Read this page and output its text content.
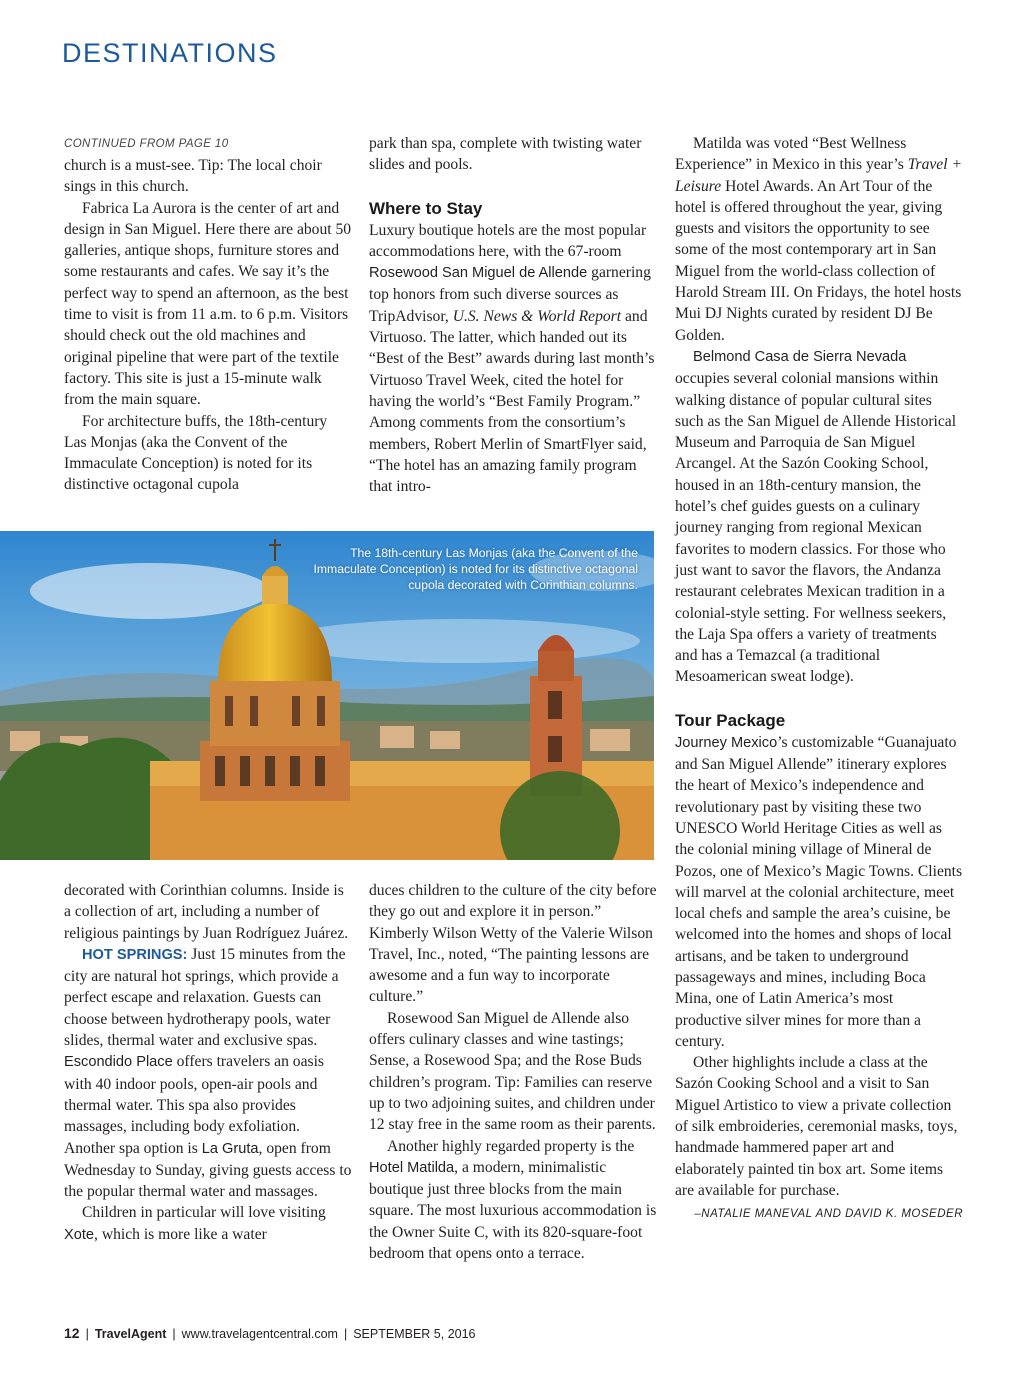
DESTINATIONS
CONTINUED FROM PAGE 10

church is a must-see. Tip: The local choir sings in this church.

Fabrica La Aurora is the center of art and design in San Miguel. Here there are about 50 galleries, antique shops, furniture stores and some restaurants and cafes. We say it’s the perfect way to spend an afternoon, as the best time to visit is from 11 a.m. to 6 p.m. Visitors should check out the old machines and original pipeline that were part of the textile factory. This site is just a 15-minute walk from the main square.

For architecture buffs, the 18th-century Las Monjas (aka the Convent of the Immaculate Conception) is noted for its distinctive octagonal cupola

park than spa, complete with twisting water slides and pools.

Where to Stay

Luxury boutique hotels are the most popular accommodations here, with the 67-room Rosewood San Miguel de Allende garnering top honors from such diverse sources as TripAdvisor, U.S. News & World Report and Virtuoso. The latter, which handed out its “Best of the Best” awards during last month’s Virtuoso Travel Week, cited the hotel for having the world’s “Best Family Program.” Among comments from the consortium’s members, Robert Merlin of SmartFlyer said, “The hotel has an amazing family program that intro-

Matilda was voted “Best Wellness Experience” in Mexico in this year’s Travel + Leisure Hotel Awards. An Art Tour of the hotel is offered throughout the year, giving guests and visitors the opportunity to see some of the most contemporary art in San Miguel from the world-class collection of Harold Stream III. On Fridays, the hotel hosts Mui DJ Nights curated by resident DJ Be Golden.

Belmond Casa de Sierra Nevada occupies several colonial mansions within walking distance of popular cultural sites such as the San Miguel de Allende Historical Museum and Parroquia de San Miguel Arcangel. At the Sazón Cooking School, housed in an 18th-century mansion, the hotel’s chef guides guests on a culinary journey ranging from regional Mexican favorites to modern classics. For those who just want to savor the flavors, the Andanza restaurant celebrates Mexican tradition in a colonial-style setting. For wellness seekers, the Laja Spa offers a variety of treatments and has a Temazcal (a traditional Mesoamerican sweat lodge).

Tour Package

Journey Mexico’s customizable “Guanajuato and San Miguel Allende” itinerary explores the heart of Mexico’s independence and revolutionary past by visiting these two UNESCO World Heritage Cities as well as the colonial mining village of Mineral de Pozos, one of Mexico’s Magic Towns. Clients will marvel at the colonial architecture, meet local chefs and sample the area’s cuisine, be welcomed into the homes and shops of local artisans, and be taken to underground passageways and mines, including Boca Mina, one of Latin America’s most productive silver mines for more than a century.

Other highlights include a class at the Sazón Cooking School and a visit to San Miguel Artistico to view a private collection of silk embroideries, ceremonial masks, toys, handmade hammered paper art and elaborately painted tin box art. Some items are available for purchase.

–NATALIE MANEVAL AND DAVID K. MOSEDER
The 18th-century Las Monjas (aka the Convent of the Immaculate Conception) is noted for its distinctive octagonal cupola decorated with Corinthian columns.

decorated with Corinthian columns. Inside is a collection of art, including a number of religious paintings by Juan Rodríguez Juárez.

HOT SPRINGS: Just 15 minutes from the city are natural hot springs, which provide a perfect escape and relaxation. Guests can choose between hydrotherapy pools, water slides, thermal water and exclusive spas. Escondido Place offers travelers an oasis with 40 indoor pools, open-air pools and thermal water. This spa also provides massages, including body exfoliation. Another spa option is La Gruta, open from Wednesday to Sunday, giving guests access to the popular thermal water and massages.

Children in particular will love visiting Xote, which is more like a water

duces children to the culture of the city before they go out and explore it in person.” Kimberly Wilson Wetty of the Valerie Wilson Travel, Inc., noted, “The painting lessons are awesome and a fun way to incorporate culture.”

Rosewood San Miguel de Allende also offers culinary classes and wine tastings; Sense, a Rosewood Spa; and the Rose Buds children’s program. Tip: Families can reserve up to two adjoining suites, and children under 12 stay free in the same room as their parents.

Another highly regarded property is the Hotel Matilda, a modern, minimalistic boutique just three blocks from the main square. The most luxurious accommodation is the Owner Suite C, with its 820-square-foot bedroom that opens onto a terrace.

12 | TravelAgent | www.travelagentcentral.com | SEPTEMBER 5, 2016
